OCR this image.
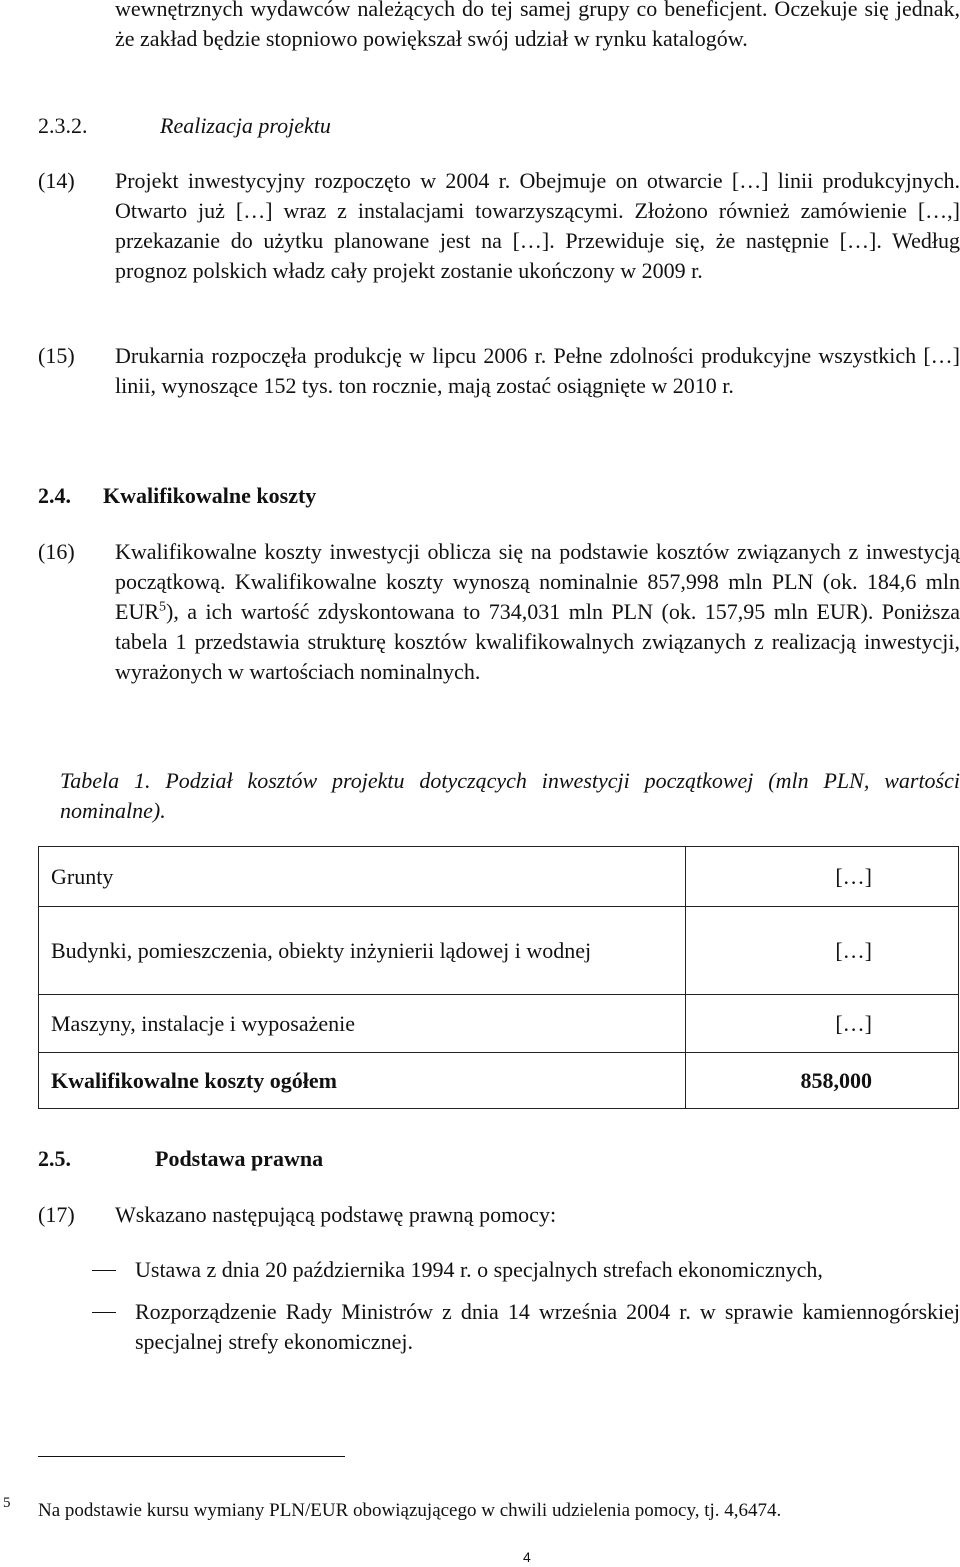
wewnętrznych wydawców należących do tej samej grupy co beneficjent. Oczekuje się jednak, że zakład będzie stopniowo powiększał swój udział w rynku katalogów.
2.3.2.	Realizacja projektu
(14) Projekt inwestycyjny rozpoczęto w 2004 r. Obejmuje on otwarcie […] linii produkcyjnych. Otwarto już […] wraz z instalacjami towarzyszącymi. Złożono również zamówienie […,] przekazanie do użytku planowane jest na […]. Przewiduje się, że następnie […]. Według prognoz polskich władz cały projekt zostanie ukończony w 2009 r.
(15) Drukarnia rozpoczęła produkcję w lipcu 2006 r. Pełne zdolności produkcyjne wszystkich […] linii, wynoszące 152 tys. ton rocznie, mają zostać osiągnięte w 2010 r.
2.4. Kwalifikowalne koszty
(16) Kwalifikowalne koszty inwestycji oblicza się na podstawie kosztów związanych z inwestycją początkową. Kwalifikowalne koszty wynoszą nominalnie 857,998 mln PLN (ok. 184,6 mln EUR$^5$), a ich wartość zdyskontowana to 734,031 mln PLN (ok. 157,95 mln EUR). Poniższa tabela 1 przedstawia strukturę kosztów kwalifikowalnych związanych z realizacją inwestycji, wyrażonych w wartościach nominalnych.
Tabela 1. Podział kosztów projektu dotyczących inwestycji początkowej (mln PLN, wartości nominalne).
Grunty	[…]
Budynki, pomieszczenia, obiekty inżynierii lądowej i wodnej	[…]
Maszyny, instalacje i wyposażenie	[…]
Kwalifikowalne koszty ogółem	858,000
2.5.	Podstawa prawna
(17) Wskazano następującą podstawę prawną pomocy:
Ustawa z dnia 20 października 1994 r. o specjalnych strefach ekonomicznych,
Rozporządzenie Rady Ministrów z dnia 14 września 2004 r. w sprawie kamiennogórskiej specjalnej strefy ekonomicznej.
5 Na podstawie kursu wymiany PLN/EUR obowiązującego w chwili udzielenia pomocy, tj. 4,6474.
4
